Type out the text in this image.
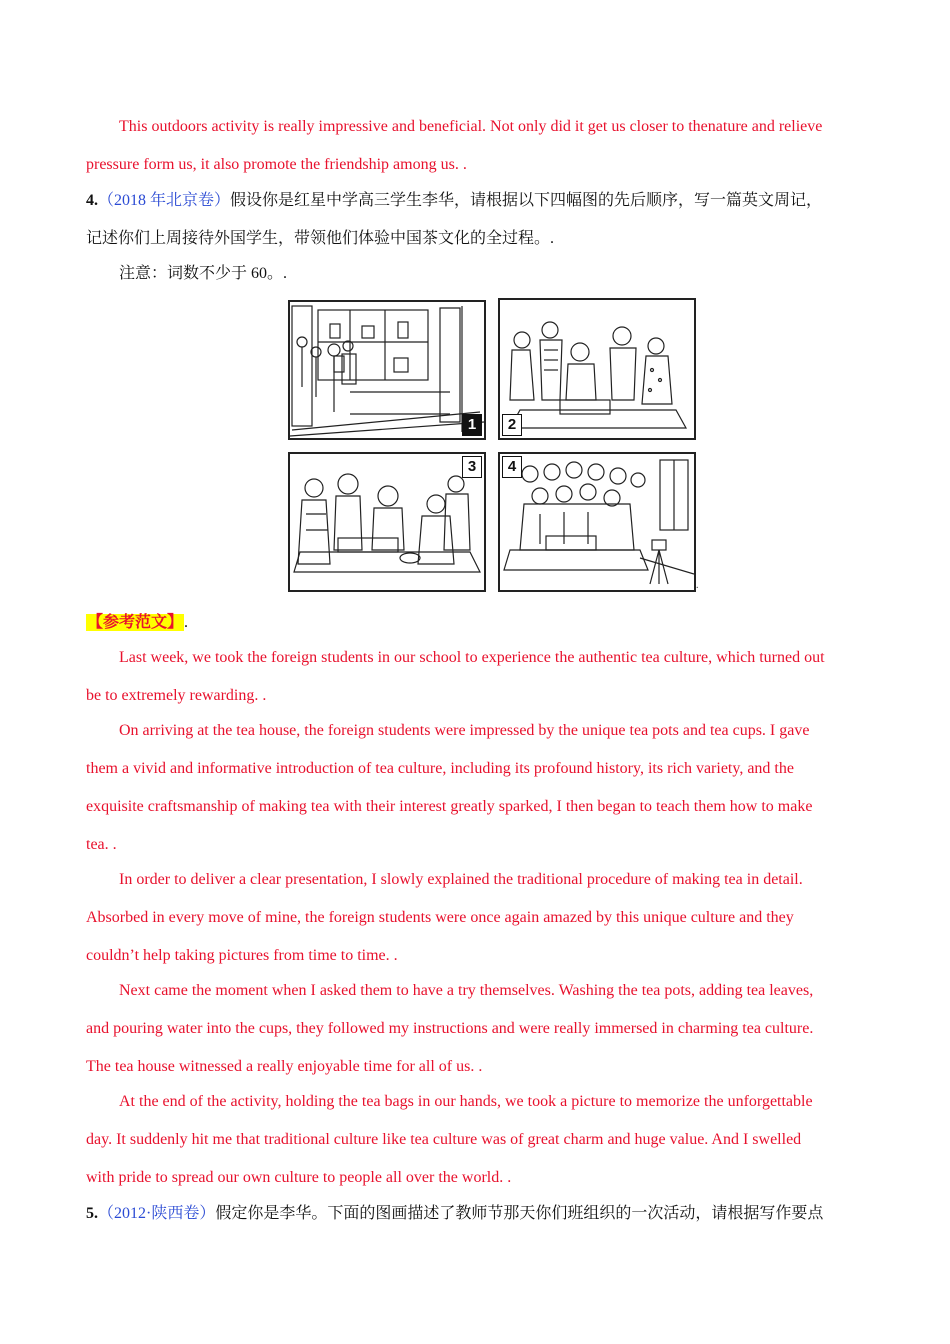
This outdoors activity is really impressive and beneficial. Not only did it get us closer to thenature and relieve
pressure form us, it also promote the friendship among us. .
4.（2018 年北京卷）假设你是红星中学高三学生李华，请根据以下四幅图的先后顺序，写一篇英文周记，
记述你们上周接待外国学生，带领他们体验中国茶文化的全过程。.
注意：词数不少于 60。.
1	2
3	4
.
【参考范文】.
Last week, we took the foreign students in our school to experience the authentic tea culture, which turned out
be to extremely rewarding. .
On arriving at the tea house, the foreign students were impressed by the unique tea pots and tea cups. I gave
them a vivid and informative introduction of tea culture, including its profound history, its rich variety, and the
exquisite craftsmanship of making tea with their interest greatly sparked, I then began to teach them how to make
tea. .
In order to deliver a clear presentation, I slowly explained the traditional procedure of making tea in detail.
Absorbed in every move of mine, the foreign students were once again amazed by this unique culture and they
couldn’t help taking pictures from time to time. .
Next came the moment when I asked them to have a try themselves. Washing the tea pots, adding tea leaves,
and pouring water into the cups, they followed my instructions and were really immersed in charming tea culture.
The tea house witnessed a really enjoyable time for all of us. .
At the end of the activity, holding the tea bags in our hands, we took a picture to memorize the unforgettable
day. It suddenly hit me that traditional culture like tea culture was of great charm and huge value. And I swelled
with pride to spread our own culture to people all over the world. .
5.（2012·陕西卷）假定你是李华。下面的图画描述了教师节那天你们班组织的一次活动，请根据写作要点
